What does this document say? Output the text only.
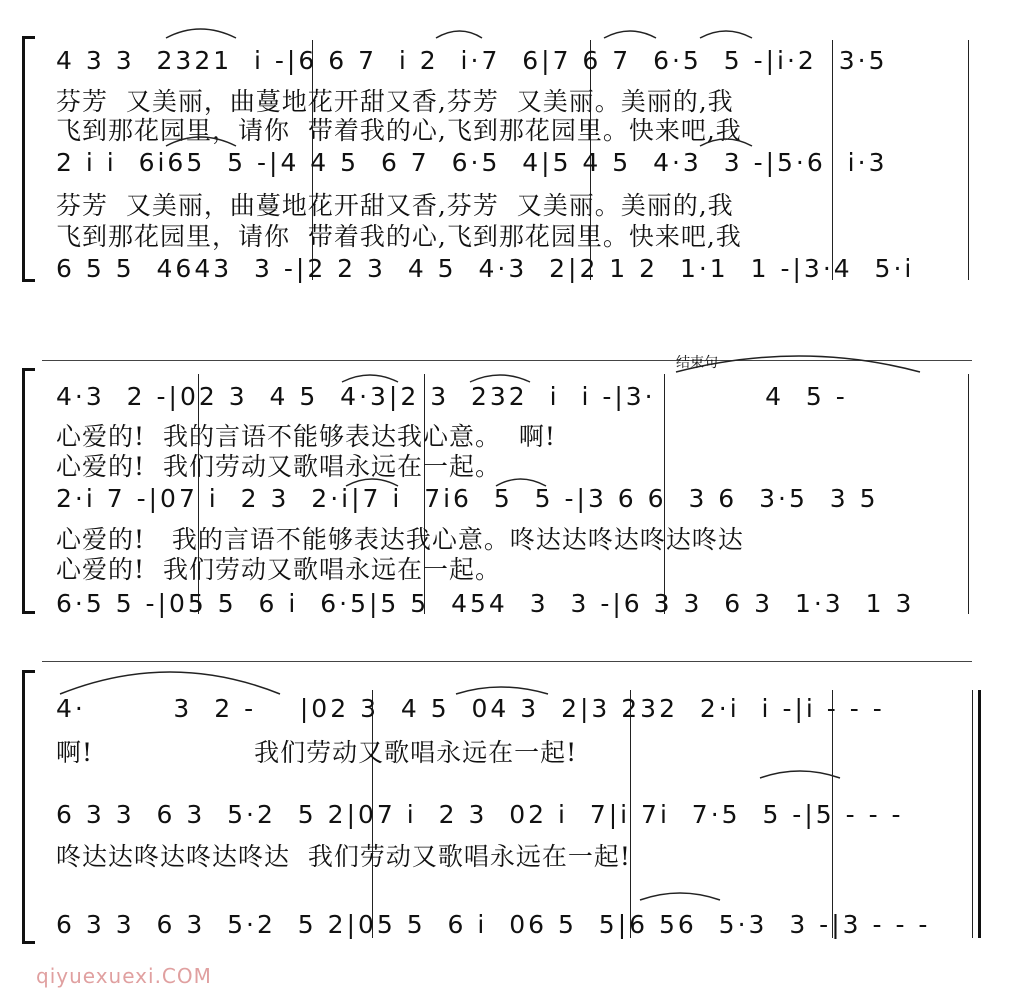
4 3 3  2321  i -|6 6 7  i 2  i·7  6|7 6 7  6·5  5 -|i·2  3·5
芬芳  又美丽，曲蔓地花开甜又香,芬芳  又美丽。美丽的,我
飞到那花园里，请你  带着我的心,飞到那花园里。快来吧,我
2 i i  6i65  5 -|4 4 5  6 7  6·5  4|5 4 5  4·3  3 -|5·6  i·3
芬芳  又美丽，曲蔓地花开甜又香,芬芳  又美丽。美丽的,我
飞到那花园里，请你  带着我的心,飞到那花园里。快来吧,我
6 5 5  4643  3 -|2 2 3  4 5  4·3  2|2 1 2  1·1  1 -|3·4  5·i
结束句
4·3  2 -|02 3  4 5  4·3|2 3  232  i  i -|3·          4  5 -
心爱的!  我的言语不能够表达我心意。  啊!
心爱的!  我们劳动又歌唱永远在一起。
2·i 7 -|07 i  2 3  2·i|7 i  7i6  5  5 -|3 6 6  3 6  3·5  3 5
心爱的!   我的言语不能够表达我心意。咚达达咚达咚达咚达
心爱的!  我们劳动又歌唱永远在一起。
6·5 5 -|05 5  6 i  6·5|5 5  454  3  3 -|6 3 3  6 3  1·3  1 3
4·        3  2 -    |02 3  4 5  04 3  2|3 232  2·i  i -|i - - -
啊!                  我们劳动又歌唱永远在一起!
6 3 3  6 3  5·2  5 2|07 i  2 3  02 i  7|i 7i  7·5  5 -|5 - - -
咚达达咚达咚达咚达  我们劳动又歌唱永远在一起!
6 3 3  6 3  5·2  5 2|05 5  6 i  06 5  5|6 56  5·3  3 -|3 - - -
qiyuexuexi.COM
